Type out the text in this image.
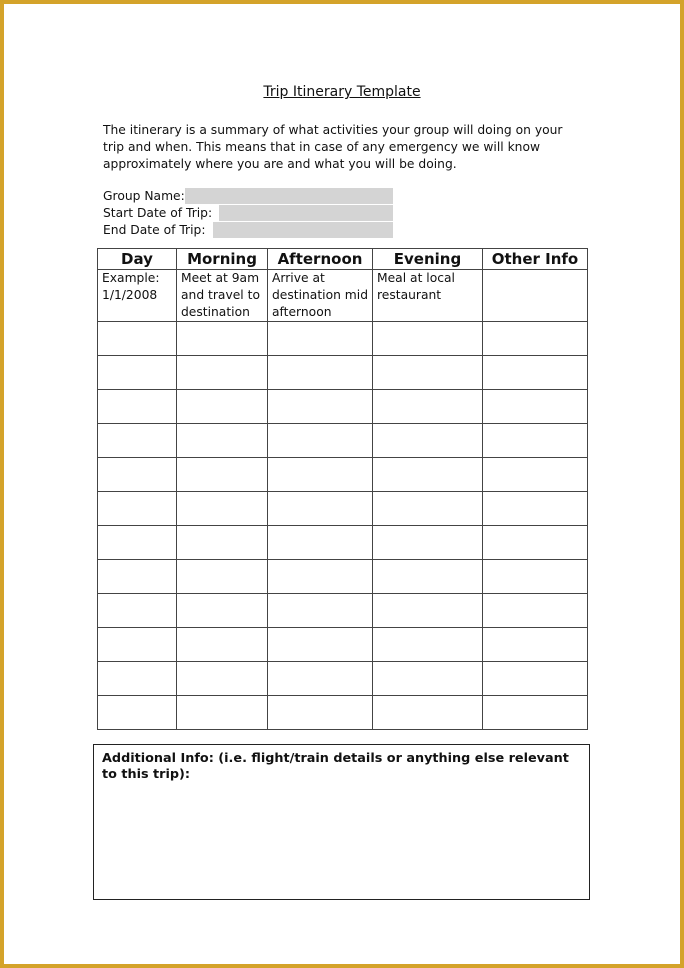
Trip Itinerary Template

The itinerary is a summary of what activities your group will doing on your trip and when. This means that in case of any emergency we will know approximately where you are and what you will be doing.

Group Name:
Start Date of Trip:
End Date of Trip:
Day	Morning	Afternoon	Evening	Other Info
Example: 1/1/2008	Meet at 9am and travel to destination	Arrive at destination mid afternoon	Meal at local restaurant	

Additional Info: (i.e. flight/train details or anything else relevant to this trip):
